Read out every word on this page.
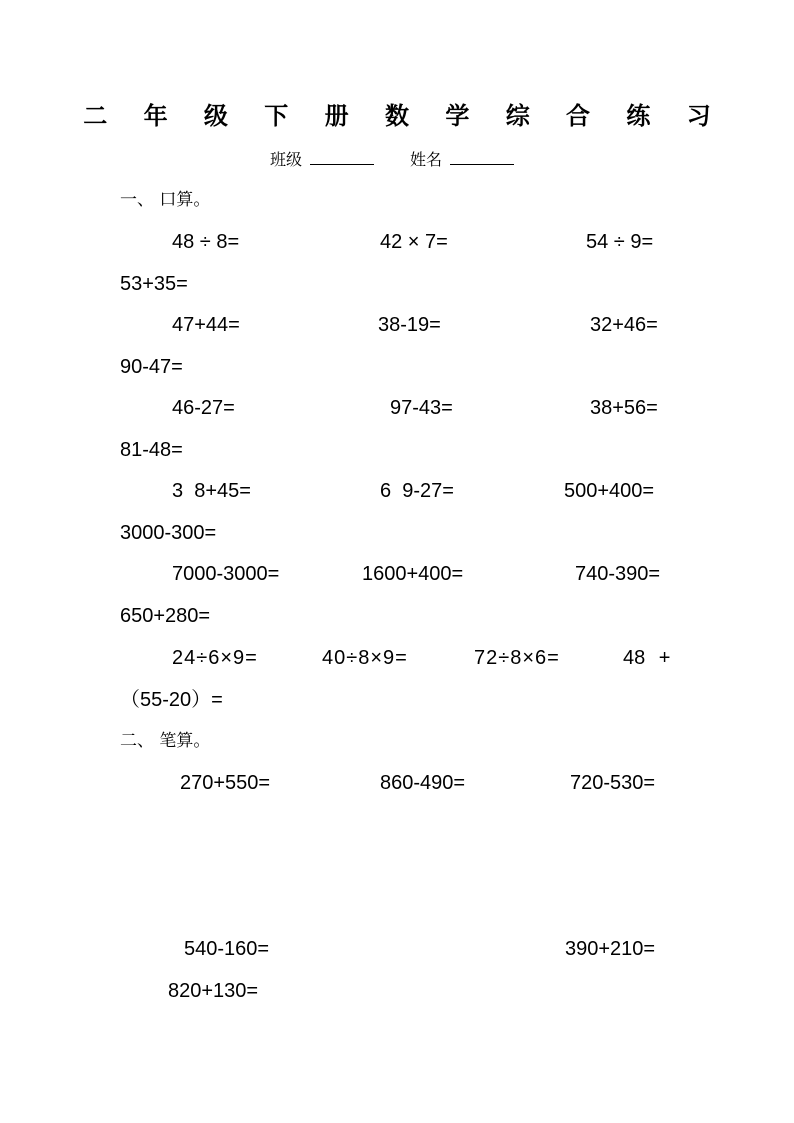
二 年 级 下 册 数 学 综 合 练 习
班级	姓名
一、 口算。
48 ÷ 8=	42 × 7=	54 ÷ 9=
53+35=
47+44=	38-19=	32+46=
90-47=
46-27=	97-43=	38+56=
81-48=
3  8+45=	6  9-27=	500+400=
3000-300=
7000-3000=	1600+400=	740-390=
650+280=
24÷6×9=	40÷8×9=	72÷8×6=	48 +
（55-20）=
二、 笔算。
270+550=	860-490=	720-530=
540-160=	390+210=
820+130=
